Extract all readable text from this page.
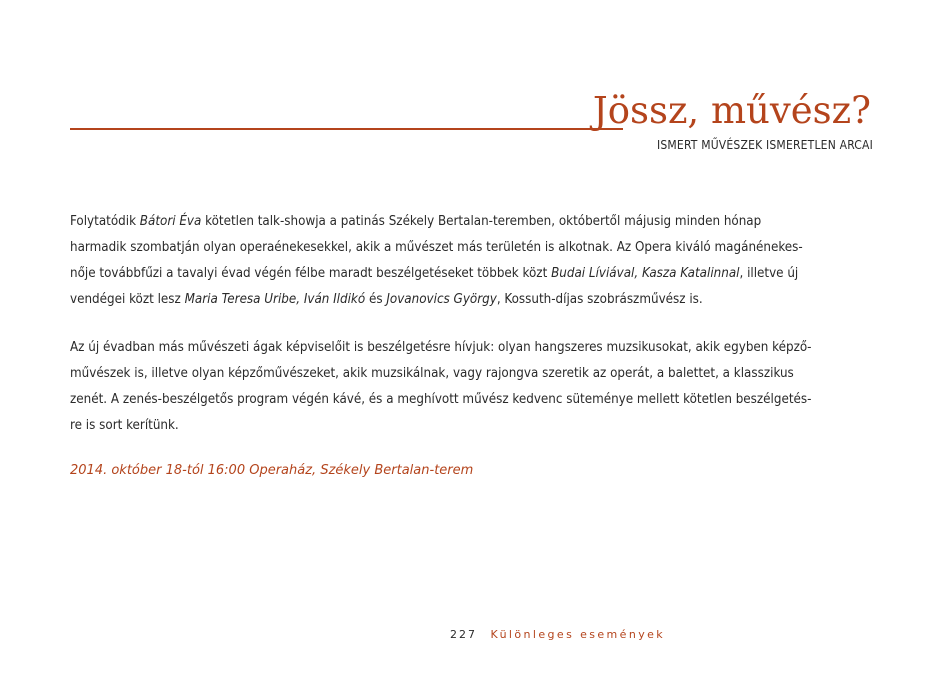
Jössz, művész?
ISMERT MŰVÉSZEK ISMERETLEN ARCAI
Folytatódik Bátori Éva kötetlen talk-showja a patinás Székely Bertalan-teremben, októbertől májusig minden hónap
harmadik szombatján olyan operaénekesekkel, akik a művészet más területén is alkotnak. Az Opera kiváló magánénekes-
nője továbbfűzi a tavalyi évad végén félbe maradt beszélgetéseket többek közt Budai Líviával, Kasza Katalinnal, illetve új
vendégei közt lesz Maria Teresa Uribe, Iván Ildikó és Jovanovics György, Kossuth-díjas szobrászművész is.
Az új évadban más művészeti ágak képviselőit is beszélgetésre hívjuk: olyan hangszeres muzsikusokat, akik egyben képző-
művészek is, illetve olyan képzőművészeket, akik muzsikálnak, vagy rajongva szeretik az operát, a balettet, a klasszikus
zenét. A zenés-beszélgetős program végén kávé, és a meghívott művész kedvenc süteménye mellett kötetlen beszélgetés-
re is sort kerítünk.
2014. október 18-tól 16:00 Operaház, Székely Bertalan-terem
227 Különleges események
